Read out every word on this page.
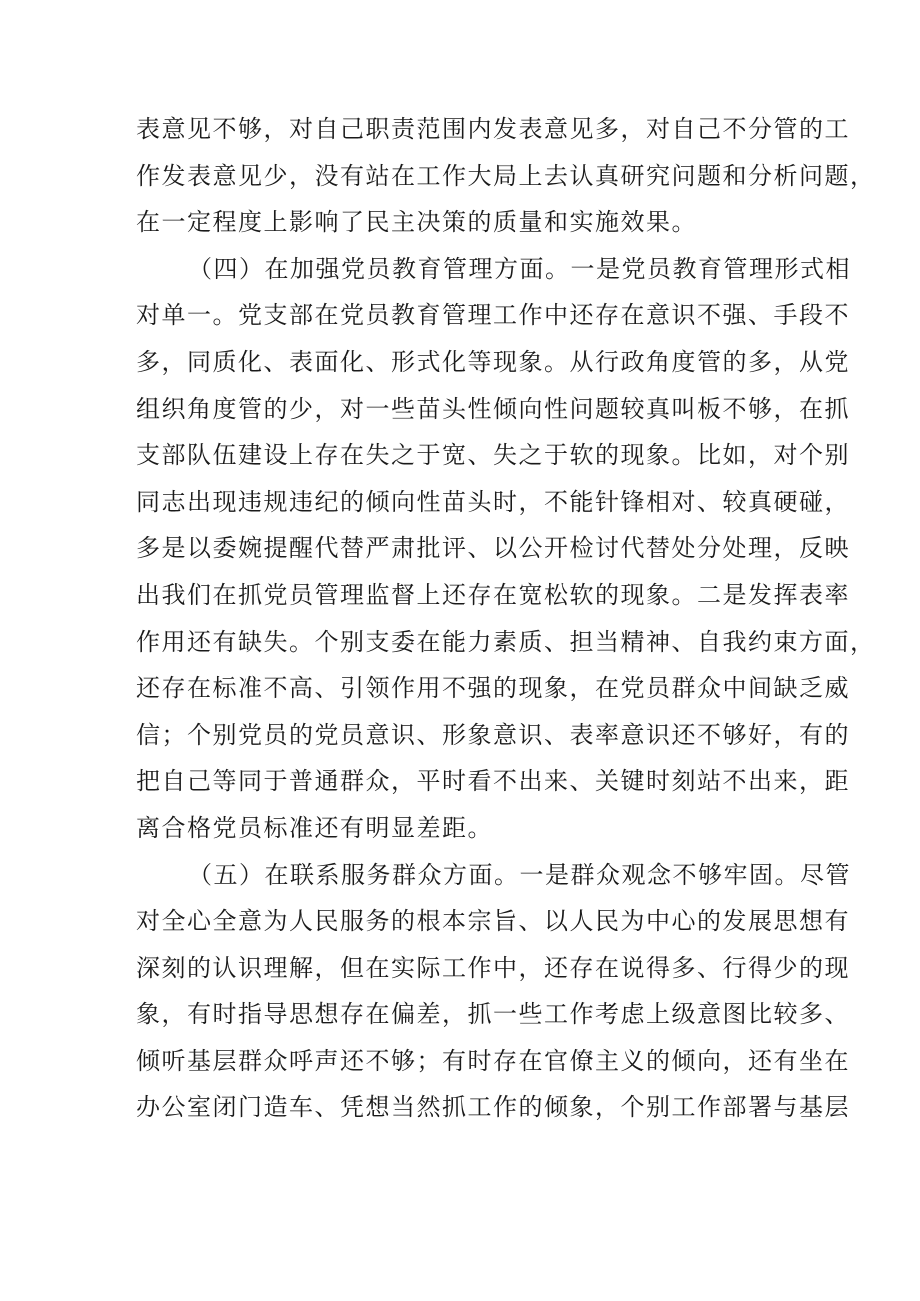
表意见不够，对自己职责范围内发表意见多，对自己不分管的工
作发表意见少，没有站在工作大局上去认真研究问题和分析问题，
在一定程度上影响了民主决策的质量和实施效果。
（四）在加强党员教育管理方面。一是党员教育管理形式相
对单一。党支部在党员教育管理工作中还存在意识不强、手段不
多，同质化、表面化、形式化等现象。从行政角度管的多，从党
组织角度管的少，对一些苗头性倾向性问题较真叫板不够，在抓
支部队伍建设上存在失之于宽、失之于软的现象。比如，对个别
同志出现违规违纪的倾向性苗头时，不能针锋相对、较真硬碰，
多是以委婉提醒代替严肃批评、以公开检讨代替处分处理，反映
出我们在抓党员管理监督上还存在宽松软的现象。二是发挥表率
作用还有缺失。个别支委在能力素质、担当精神、自我约束方面，
还存在标准不高、引领作用不强的现象，在党员群众中间缺乏威
信；个别党员的党员意识、形象意识、表率意识还不够好，有的
把自己等同于普通群众，平时看不出来、关键时刻站不出来，距
离合格党员标准还有明显差距。
（五）在联系服务群众方面。一是群众观念不够牢固。尽管
对全心全意为人民服务的根本宗旨、以人民为中心的发展思想有
深刻的认识理解，但在实际工作中，还存在说得多、行得少的现
象，有时指导思想存在偏差，抓一些工作考虑上级意图比较多、
倾听基层群众呼声还不够；有时存在官僚主义的倾向，还有坐在
办公室闭门造车、凭想当然抓工作的倾象，个别工作部署与基层
